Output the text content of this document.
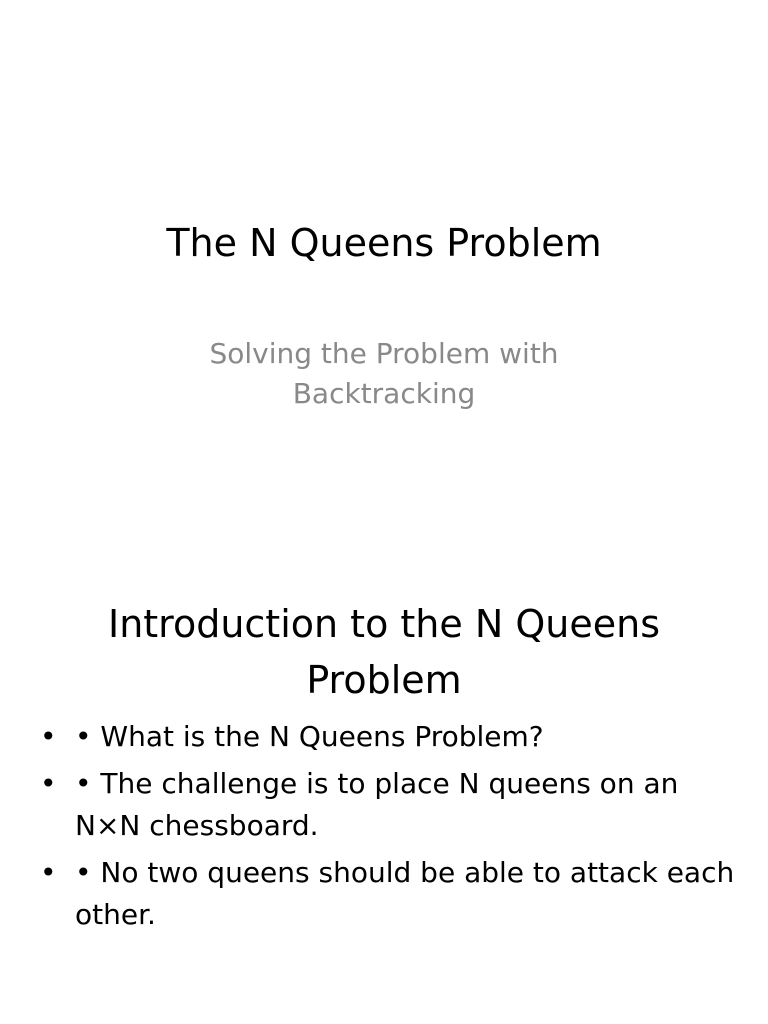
The N Queens Problem
Solving the Problem with
Backtracking
Introduction to the N Queens
Problem
• • What is the N Queens Problem?
• • The challenge is to place N queens on an N×N chessboard.
• • No two queens should be able to attack each other.
